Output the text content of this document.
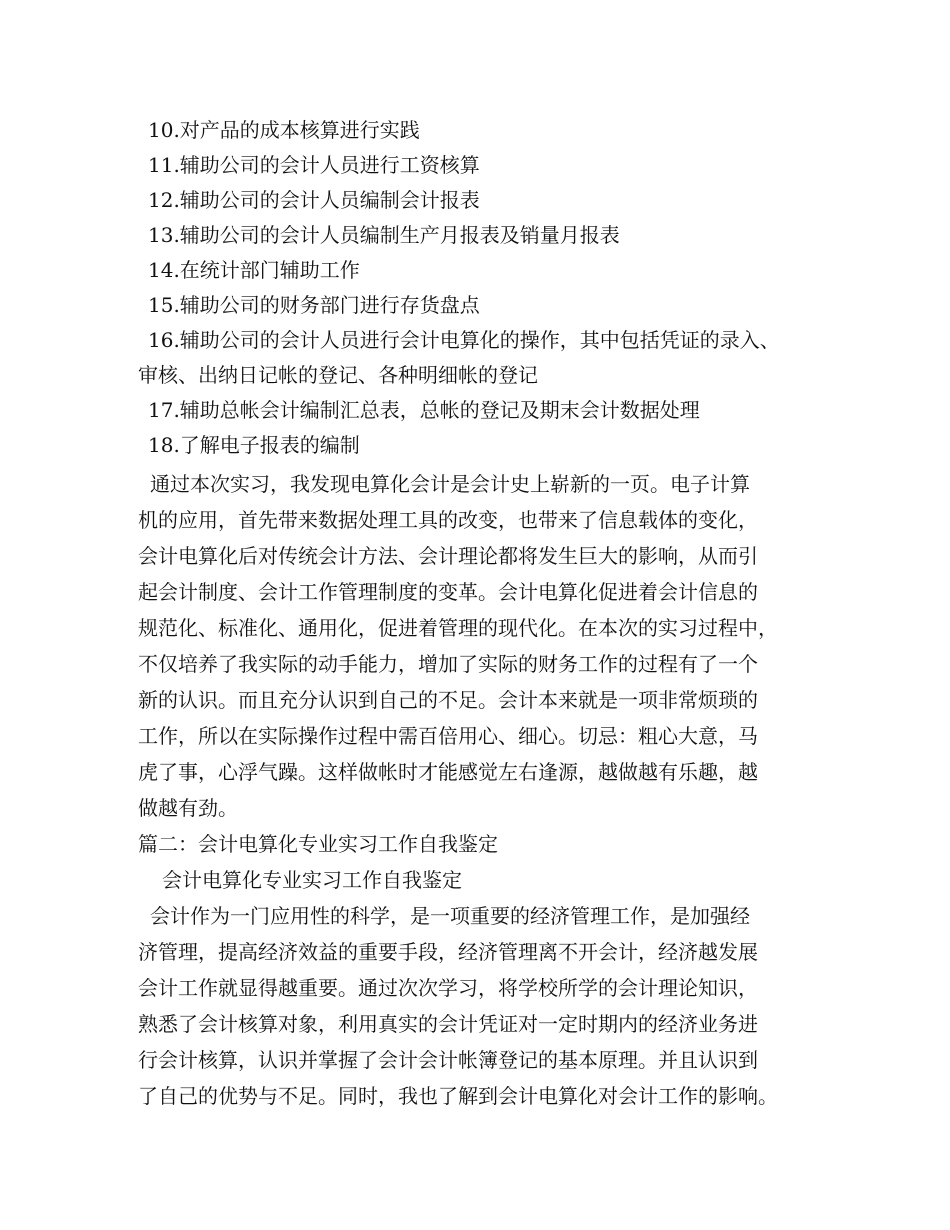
10.对产品的成本核算进行实践
11.辅助公司的会计人员进行工资核算
12.辅助公司的会计人员编制会计报表
13.辅助公司的会计人员编制生产月报表及销量月报表
14.在统计部门辅助工作
15.辅助公司的财务部门进行存货盘点
16.辅助公司的会计人员进行会计电算化的操作，其中包括凭证的录入、
审核、出纳日记帐的登记、各种明细帐的登记
17.辅助总帐会计编制汇总表，总帐的登记及期末会计数据处理
18.了解电子报表的编制
通过本次实习，我发现电算化会计是会计史上崭新的一页。电子计算
机的应用，首先带来数据处理工具的改变，也带来了信息载体的变化，
会计电算化后对传统会计方法、会计理论都将发生巨大的影响，从而引
起会计制度、会计工作管理制度的变革。会计电算化促进着会计信息的
规范化、标准化、通用化，促进着管理的现代化。在本次的实习过程中，
不仅培养了我实际的动手能力，增加了实际的财务工作的过程有了一个
新的认识。而且充分认识到自己的不足。会计本来就是一项非常烦琐的
工作，所以在实际操作过程中需百倍用心、细心。切忌：粗心大意，马
虎了事，心浮气躁。这样做帐时才能感觉左右逢源，越做越有乐趣，越
做越有劲。
篇二：会计电算化专业实习工作自我鉴定
会计电算化专业实习工作自我鉴定
会计作为一门应用性的科学，是一项重要的经济管理工作，是加强经
济管理，提高经济效益的重要手段，经济管理离不开会计，经济越发展
会计工作就显得越重要。通过次次学习，将学校所学的会计理论知识，
熟悉了会计核算对象，利用真实的会计凭证对一定时期内的经济业务进
行会计核算，认识并掌握了会计会计帐簿登记的基本原理。并且认识到
了自己的优势与不足。同时，我也了解到会计电算化对会计工作的影响。
